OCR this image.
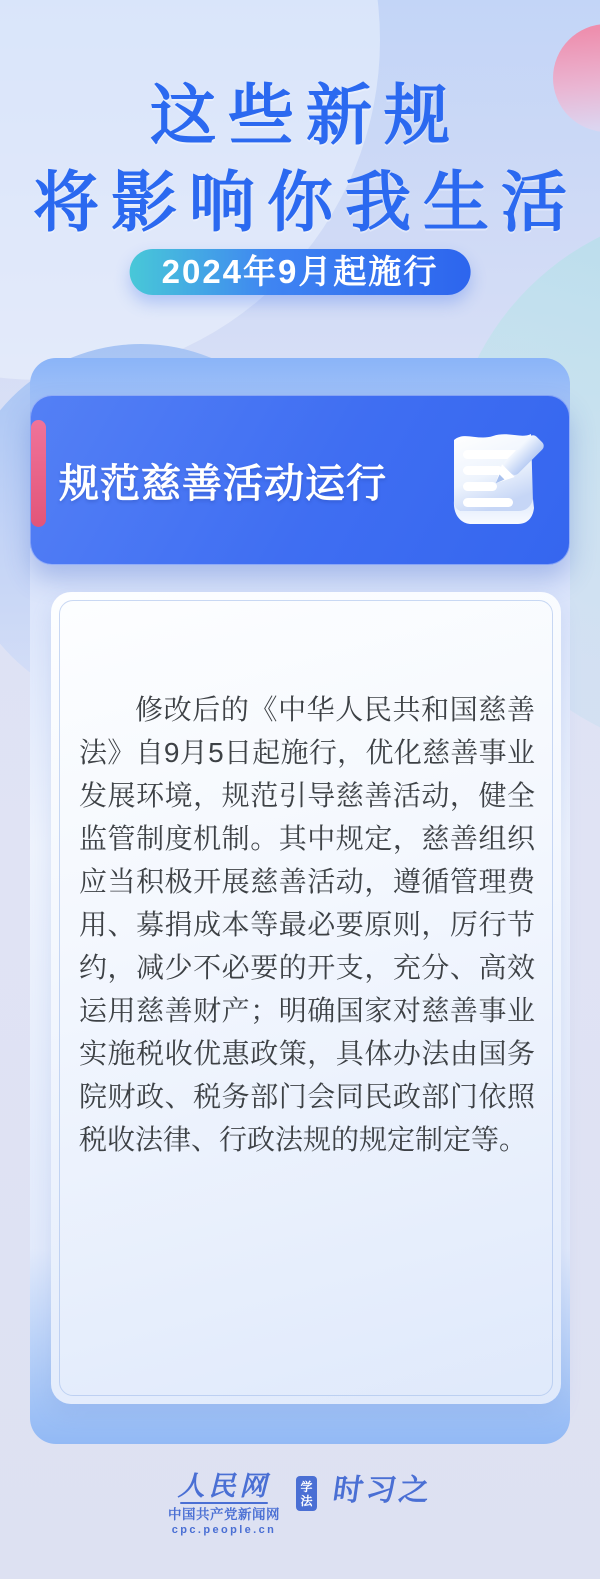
这些新规
将影响你我生活
2024年9月起施行
规范慈善活动运行
修改后的《中华人民共和国慈善法》自9月5日起施行，优化慈善事业发展环境，规范引导慈善活动，健全监管制度机制。其中规定，慈善组织应当积极开展慈善活动，遵循管理费用、募捐成本等最必要原则，厉行节约，减少不必要的开支，充分、高效运用慈善财产；明确国家对慈善事业实施税收优惠政策，具体办法由国务院财政、税务部门会同民政部门依照税收法律、行政法规的规定制定等。
人民网
中国共产党新闻网
cpc.people.cn
学
法 时习之
